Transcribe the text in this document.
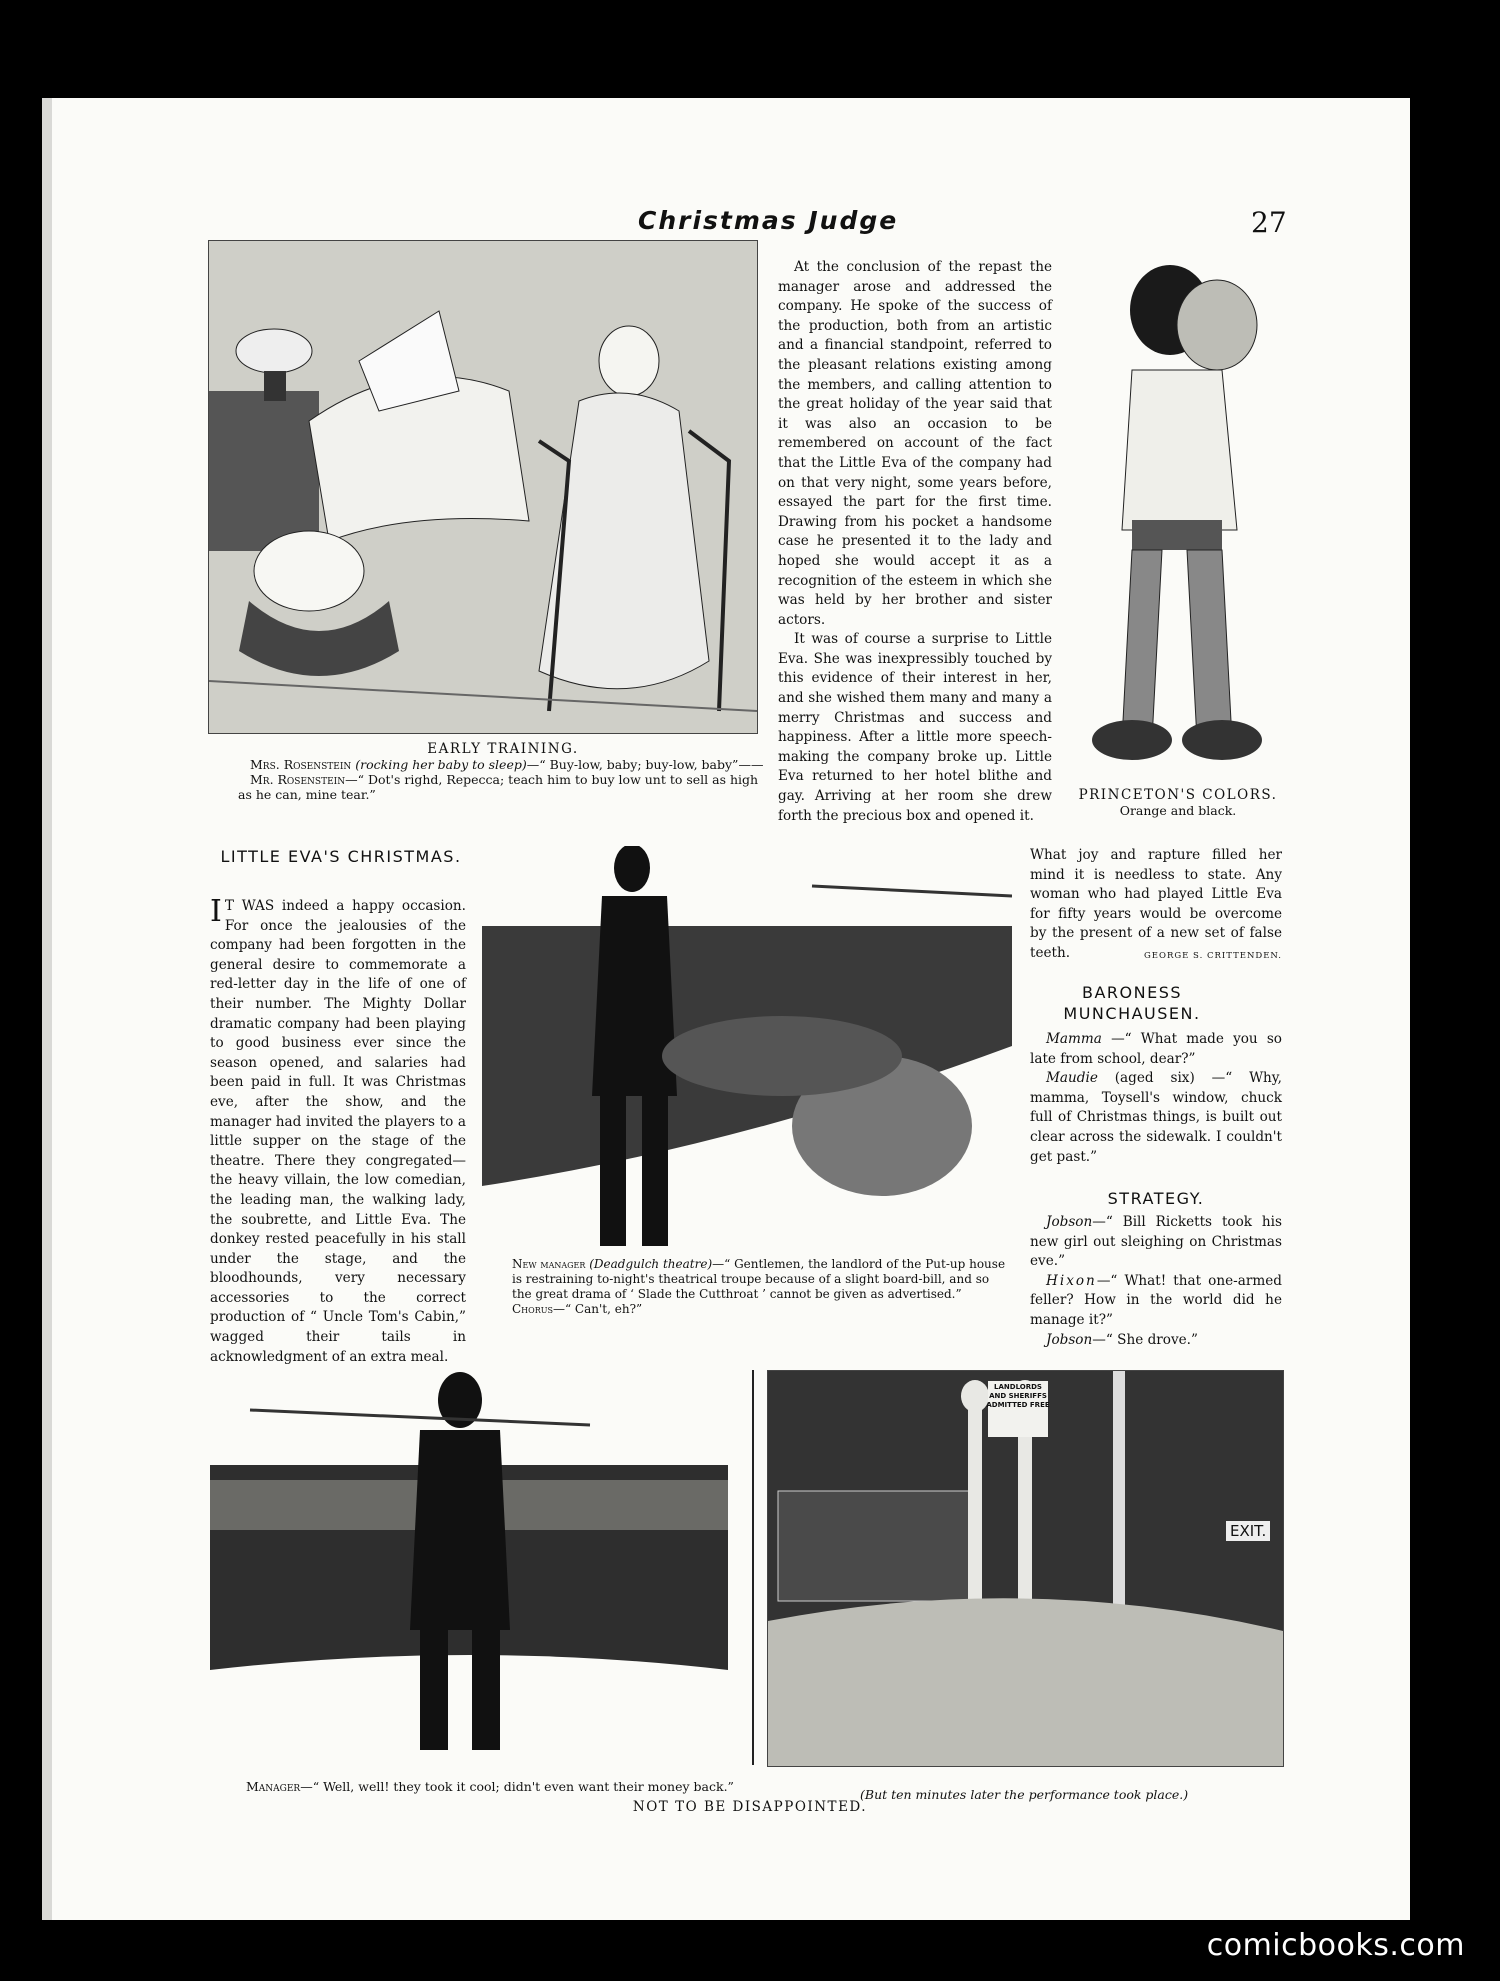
Christmas Judge	27
EARLY TRAINING.
Mrs. Rosenstein (rocking her baby to sleep)—“ Buy-low, baby; buy-low, baby”——
Mr. Rosenstein—“ Dot's righd, Repecca; teach him to buy low unt to sell as high as he can, mine tear.”

At the conclusion of the repast the manager arose and addressed the company. He spoke of the success of the production, both from an artistic and a financial standpoint, referred to the pleasant relations existing among the members, and calling attention to the great holiday of the year said that it was also an occasion to be remembered on account of the fact that the Little Eva of the company had on that very night, some years before, essayed the part for the first time. Drawing from his pocket a handsome case he presented it to the lady and hoped she would accept it as a recognition of the esteem in which she was held by her brother and sister actors.

It was of course a surprise to Little Eva. She was inexpressibly touched by this evidence of their interest in her, and she wished them many and many a merry Christmas and success and happiness. After a little more speech-making the company broke up. Little Eva returned to her hotel blithe and gay. Arriving at her room she drew forth the precious box and opened it.

PRINCETON'S COLORS.
Orange and black.
LITTLE EVA'S CHRISTMAS.

I T WAS indeed a happy occasion. For once the jealousies of the company had been forgotten in the general desire to commemorate a red-letter day in the life of one of their number. The Mighty Dollar dramatic company had been playing to good business ever since the season opened, and salaries had been paid in full. It was Christmas eve, after the show, and the manager had invited the players to a little supper on the stage of the theatre. There they congregated—the heavy villain, the low comedian, the leading man, the walking lady, the soubrette, and Little Eva. The donkey rested peacefully in his stall under the stage, and the bloodhounds, very necessary accessories to the correct production of “ Uncle Tom's Cabin,” wagged their tails in acknowledgment of an extra meal.

New manager (Deadgulch theatre)—“ Gentlemen, the landlord of the Put-up house is restraining to-night's theatrical troupe because of a slight board-bill, and so the great drama of ‘ Slade the Cutthroat ’ cannot be given as advertised.”
Chorus—“ Can't, eh?”

What joy and rapture filled her mind it is needless to state. Any woman who had played Little Eva for fifty years would be overcome by the present of a new set of false teeth.	GEORGE S. CRITTENDEN.
BARONESS MUNCHAUSEN.

Mamma —“ What made you so late from school, dear?”

Maudie (aged six) —“ Why, mamma, Toysell's window, chuck full of Christmas things, is built out clear across the sidewalk. I couldn't get past.”

STRATEGY.

Jobson—“ Bill Ricketts took his new girl out sleighing on Christmas eve.”

Hixon—“ What! that one-armed feller? How in the world did he manage it?”

Jobson—“ She drove.”

Manager—“ Well, well! they took it cool; didn't even want their money back.”
LANDLORDS AND SHERIFFS ADMITTED FREE
EXIT.
(But ten minutes later the performance took place.)
NOT TO BE DISAPPOINTED.
comicbooks.com
